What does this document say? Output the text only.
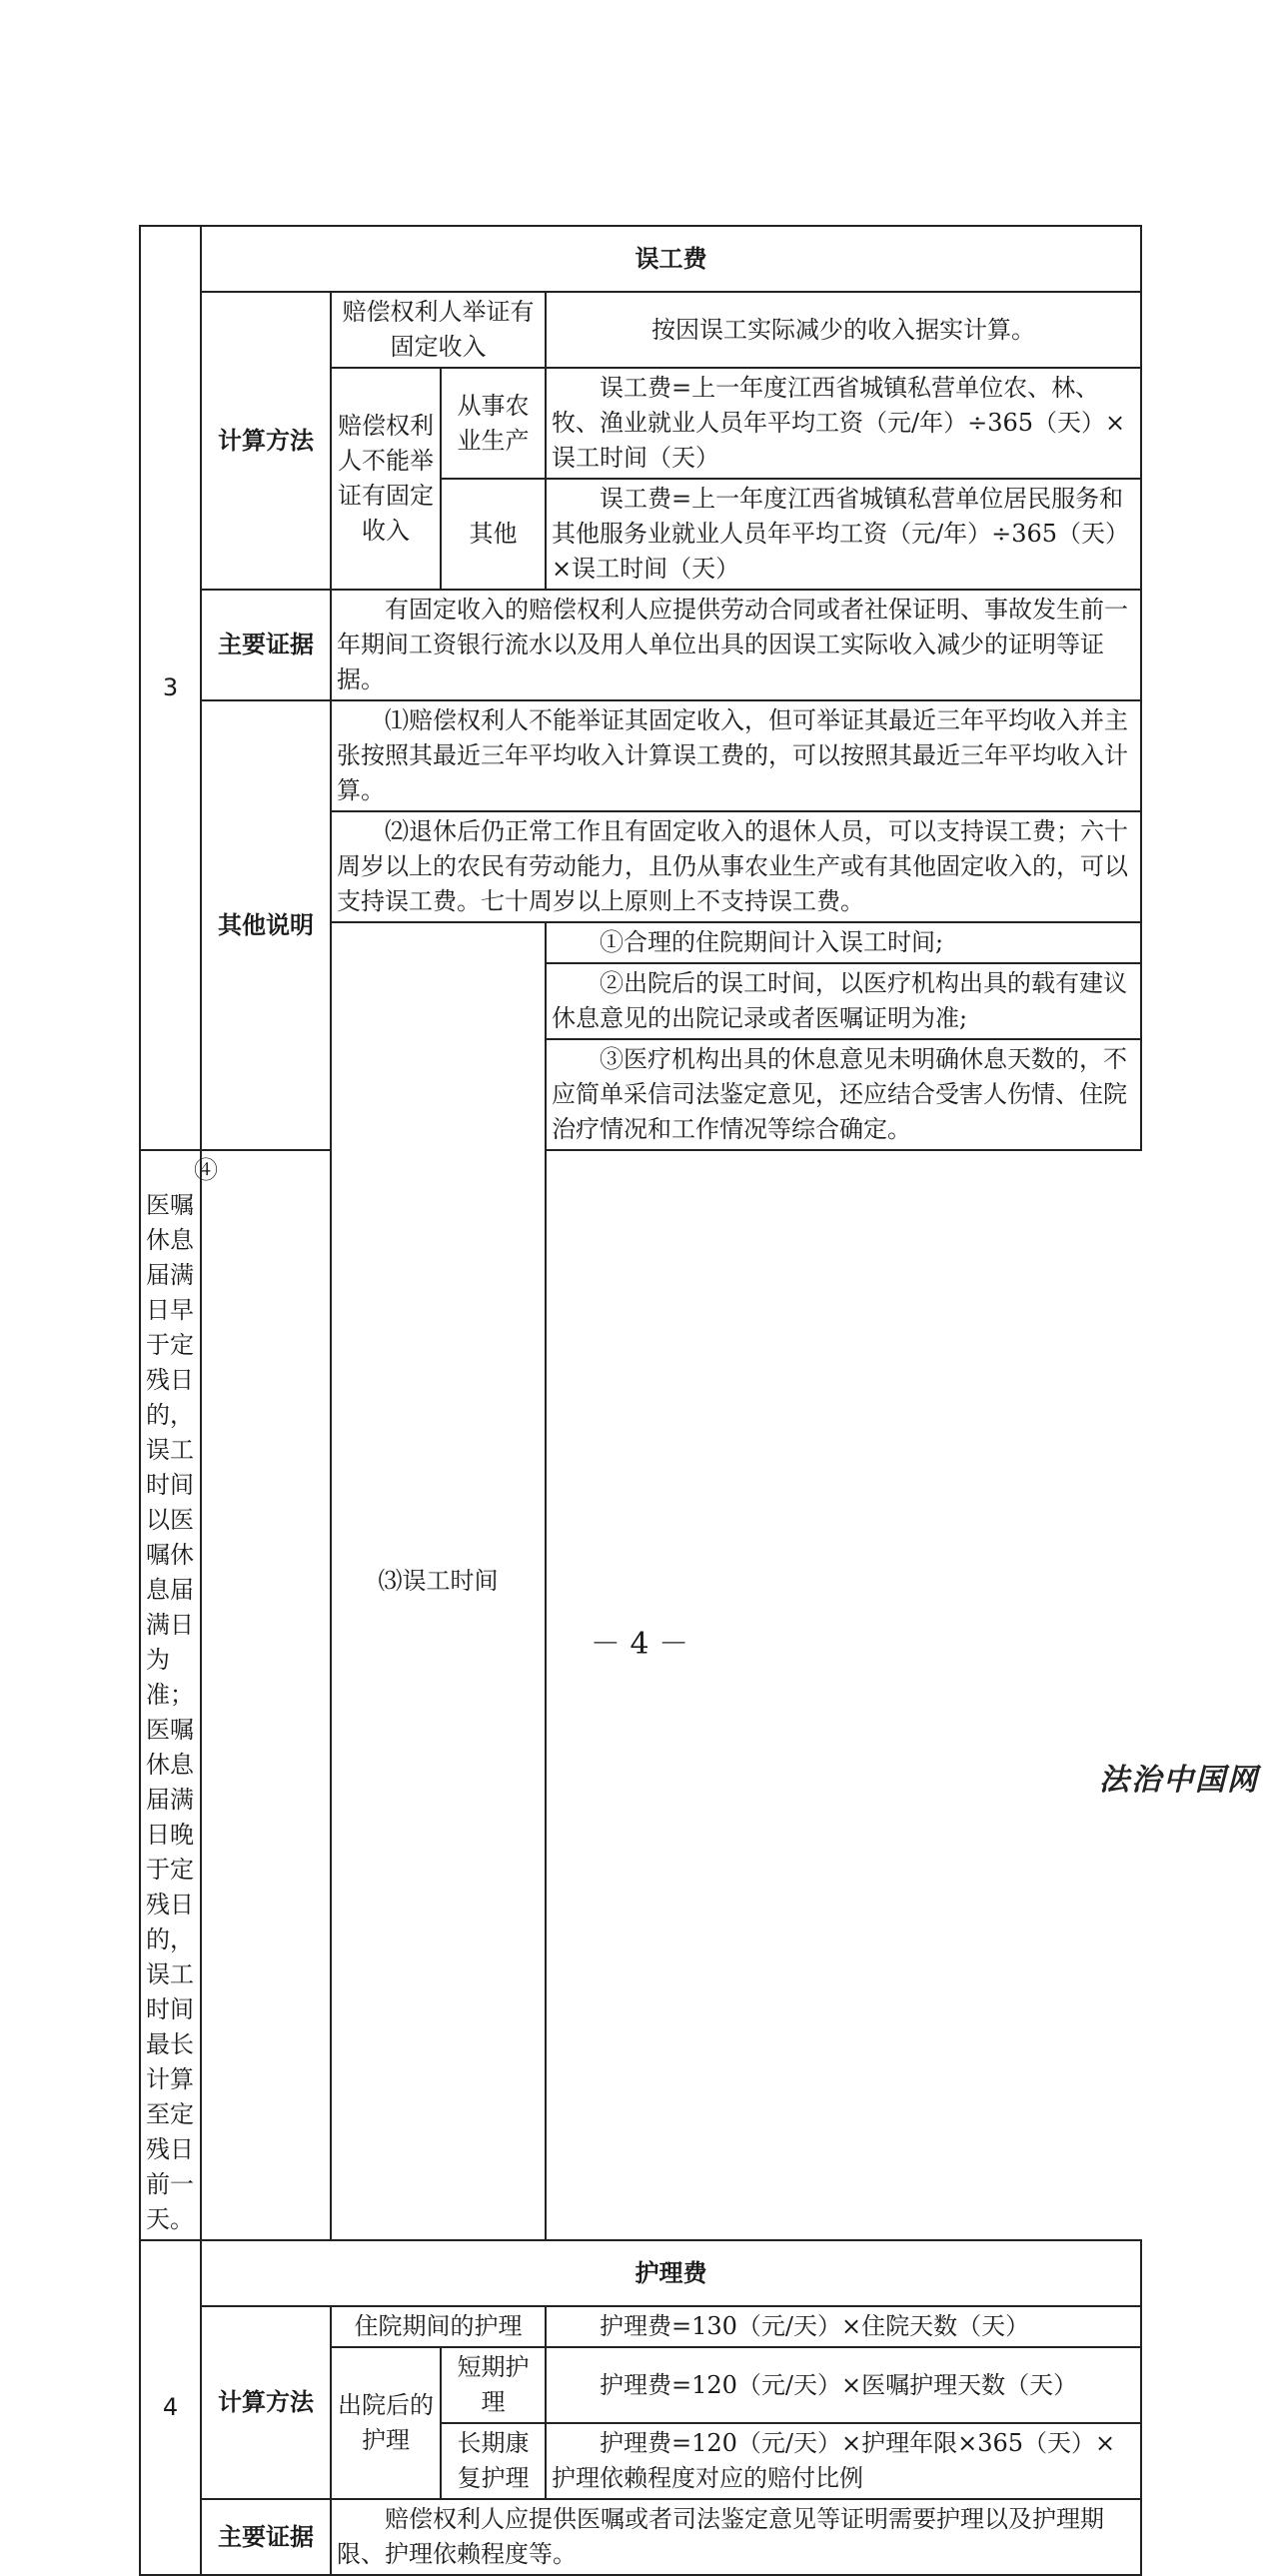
3	误工费			
	计算方法	赔偿权利人举证有固定收入		按因误工实际减少的收入据实计算。
		赔偿权利人不能举证有固定收入	从事农业生产	误工费=上一年度江西省城镇私营单位农、林、牧、渔业就业人员年平均工资（元/年）÷365（天）×误工时间（天）
			其他	误工费=上一年度江西省城镇私营单位居民服务和其他服务业就业人员年平均工资（元/年）÷365（天）×误工时间（天）
	主要证据	有固定收入的赔偿权利人应提供劳动合同或者社保证明、事故发生前一年期间工资银行流水以及用人单位出具的因误工实际收入减少的证明等证据。		
	其他说明	⑴赔偿权利人不能举证其固定收入，但可举证其最近三年平均收入并主张按照其最近三年平均收入计算误工费的，可以按照其最近三年平均收入计算。		
		⑵退休后仍正常工作且有固定收入的退休人员，可以支持误工费；六十周岁以上的农民有劳动能力，且仍从事农业生产或有其他固定收入的，可以支持误工费。七十周岁以上原则上不支持误工费。		
		⑶误工时间		①合理的住院期间计入误工时间;
				②出院后的误工时间，以医疗机构出具的载有建议休息意见的出院记录或者医嘱证明为准;
				③医疗机构出具的休息意见未明确休息天数的，不应简单采信司法鉴定意见，还应结合受害人伤情、住院治疗情况和工作情况等综合确定。
④医嘱休息届满日早于定残日的，误工时间以医嘱休息届满日为准；医嘱休息届满日晚于定残日的，误工时间最长计算至定残日前一天。				
4	护理费			
	计算方法	住院期间的护理		护理费=130（元/天）×住院天数（天）
		出院后的护理	短期护理	护理费=120（元/天）×医嘱护理天数（天）
			长期康复护理	护理费=120（元/天）×护理年限×365（天）×护理依赖程度对应的赔付比例
	主要证据	赔偿权利人应提供医嘱或者司法鉴定意见等证明需要护理以及护理期限、护理依赖程度等。		
－ 4 －
法治中国网
